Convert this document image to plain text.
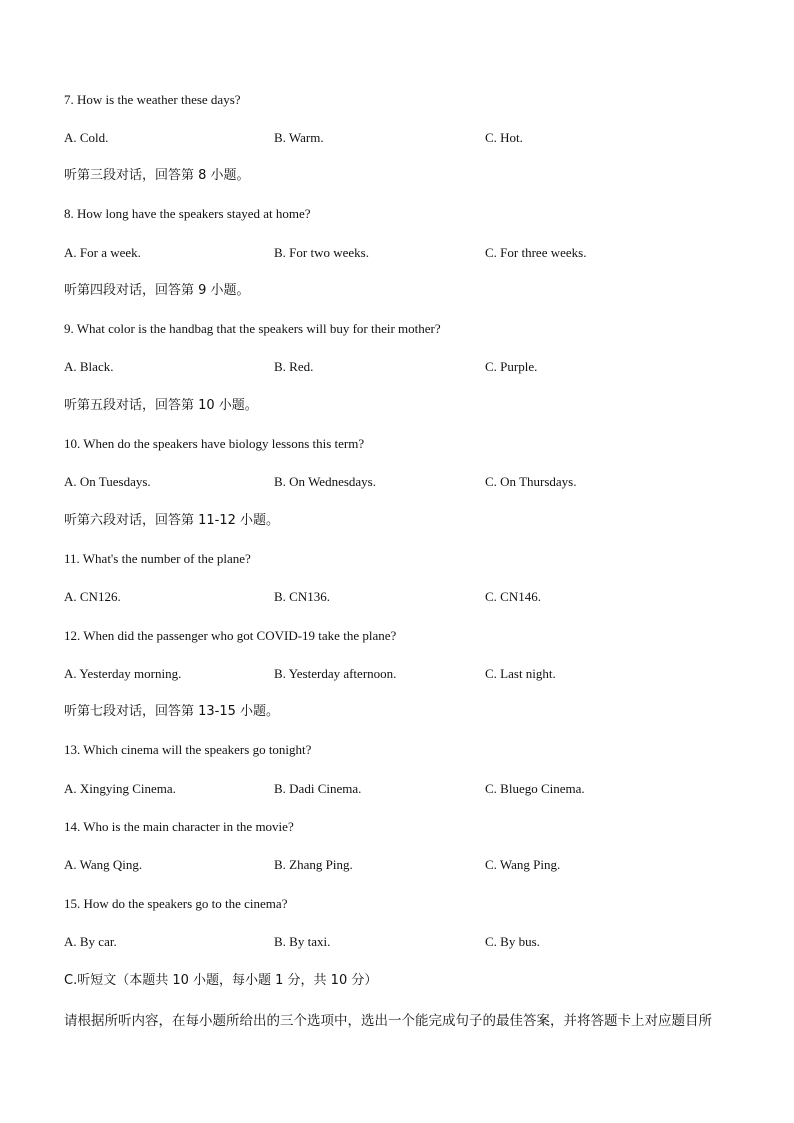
7. How is the weather these days?
A. Cold.	B. Warm.	C. Hot.
听第三段对话，回答第 8 小题。
8. How long have the speakers stayed at home?
A. For a week.	B. For two weeks.	C. For three weeks.
听第四段对话，回答第 9 小题。
9. What color is the handbag that the speakers will buy for their mother?
A. Black.	B. Red.	C. Purple.
听第五段对话，回答第 10 小题。
10. When do the speakers have biology lessons this term?
A. On Tuesdays.	B. On Wednesdays.	C. On Thursdays.
听第六段对话，回答第 11-12 小题。
11. What's the number of the plane?
A. CN126.	B. CN136.	C. CN146.
12. When did the passenger who got COVID-19 take the plane?
A. Yesterday morning.	B. Yesterday afternoon.	C. Last night.
听第七段对话，回答第 13-15 小题。
13. Which cinema will the speakers go tonight?
A. Xingying Cinema.	B. Dadi Cinema.	C. Bluego Cinema.
14. Who is the main character in the movie?
A. Wang Qing.	B. Zhang Ping.	C. Wang Ping.
15. How do the speakers go to the cinema?
A. By car.	B. By taxi.	C. By bus.
C.听短文（本题共 10 小题，每小题 1 分，共 10 分）
请根据所听内容，在每小题所给出的三个选项中，选出一个能完成句子的最佳答案，并将答题卡上对应题目所
